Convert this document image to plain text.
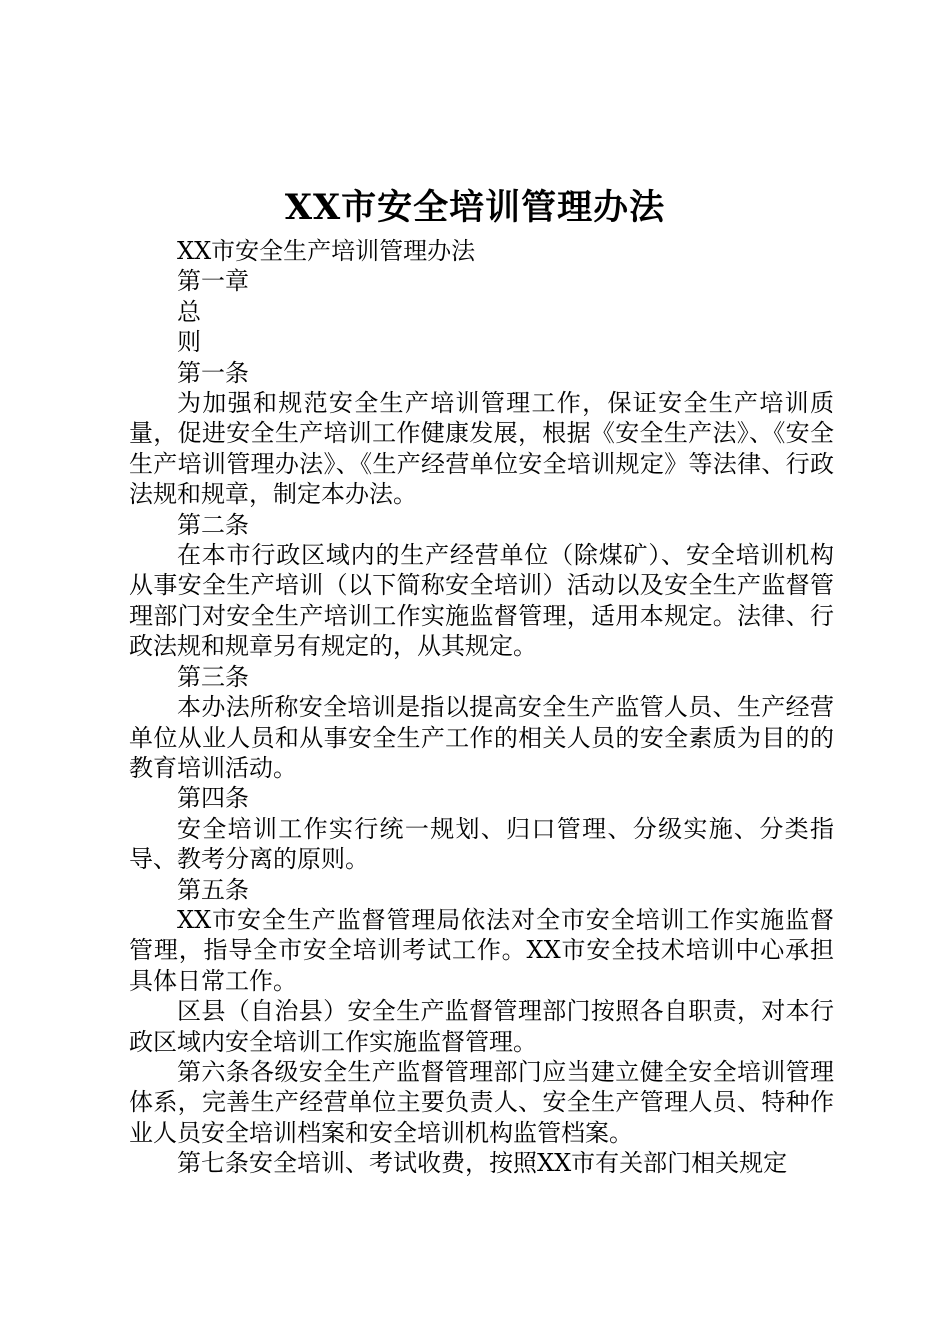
XX市安全培训管理办法

XX市安全生产培训管理办法

第一章

总

则

第一条

为加强和规范安全生产培训管理工作，保证安全生产培训质量，促进安全生产培训工作健康发展，根据《安全生产法》、《安全生产培训管理办法》、《生产经营单位安全培训规定》等法律、行政法规和规章，制定本办法。

第二条

在本市行政区域内的生产经营单位（除煤矿）、安全培训机构从事安全生产培训（以下简称安全培训）活动以及安全生产监督管理部门对安全生产培训工作实施监督管理，适用本规定。法律、行政法规和规章另有规定的，从其规定。

第三条

本办法所称安全培训是指以提高安全生产监管人员、生产经营单位从业人员和从事安全生产工作的相关人员的安全素质为目的的教育培训活动。

第四条

安全培训工作实行统一规划、归口管理、分级实施、分类指导、教考分离的原则。

第五条

XX市安全生产监督管理局依法对全市安全培训工作实施监督管理，指导全市安全培训考试工作。XX市安全技术培训中心承担具体日常工作。

区县（自治县）安全生产监督管理部门按照各自职责，对本行政区域内安全培训工作实施监督管理。

第六条各级安全生产监督管理部门应当建立健全安全培训管理体系，完善生产经营单位主要负责人、安全生产管理人员、特种作业人员安全培训档案和安全培训机构监管档案。

第七条安全培训、考试收费，按照XX市有关部门相关规定
